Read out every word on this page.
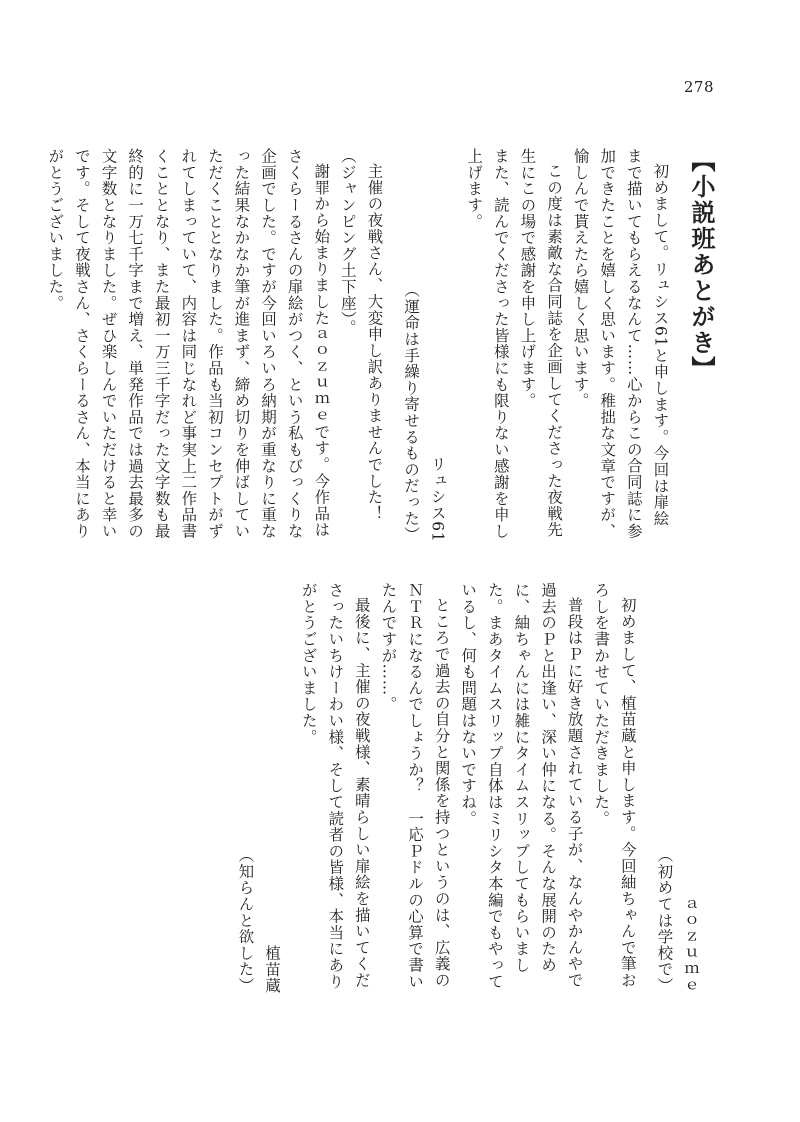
278

【小説班あとがき】

初めまして。リュシス61と申します。今回は扉絵まで描いてもらえるなんて……心からこの合同誌に参加できたことを嬉しく思います。稚拙な文章ですが、愉しんで貰えたら嬉しく思います。

この度は素敵な合同誌を企画してくださった夜戦先生にこの場で感謝を申し上げます。

また、読んでくださった皆様にも限りない感謝を申し上げます。

リュシス61

（運命は手繰り寄せるものだった）

主催の夜戦さん、大変申し訳ありませんでした！（ジャンピング土下座）。

謝罪から始まりましたａｏｚｕｍｅです。今作品はさくらーるさんの扉絵がつく、という私もびっくりな企画でした。ですが今回いろいろ納期が重なりに重なった結果なかなか筆が進まず、締め切りを伸ばしていただくこととなりました。作品も当初コンセプトがずれてしまっていて、内容は同じなれど事実上二作品書くこととなり、また最初一万三千字だった文字数も最終的に一万七千字まで増え、単発作品では過去最多の文字数となりました。ぜひ楽しんでいただけると幸いです。そして夜戦さん、さくらーるさん、本当にありがとうございました。

ａｏｚｕｍｅ

（初めては学校で）

初めまして、植苗蔵と申します。今回紬ちゃんで筆おろしを書かせていただきました。

普段はＰに好き放題されている子が、なんやかんやで過去のＰと出逢い、深い仲になる。そんな展開のために、紬ちゃんには雑にタイムスリップしてもらいました。まあタイムスリップ自体はミリシタ本編でもやっているし、何も問題はないですね。

ところで過去の自分と関係を持つというのは、広義のＮＴＲになるんでしょうか？　一応Ｐドルの心算で書いたんですが……。

最後に、主催の夜戦様、素晴らしい扉絵を描いてくださったいちけーわい様、そして読者の皆様、本当にありがとうございました。

植苗蔵

（知らんと欲した）
